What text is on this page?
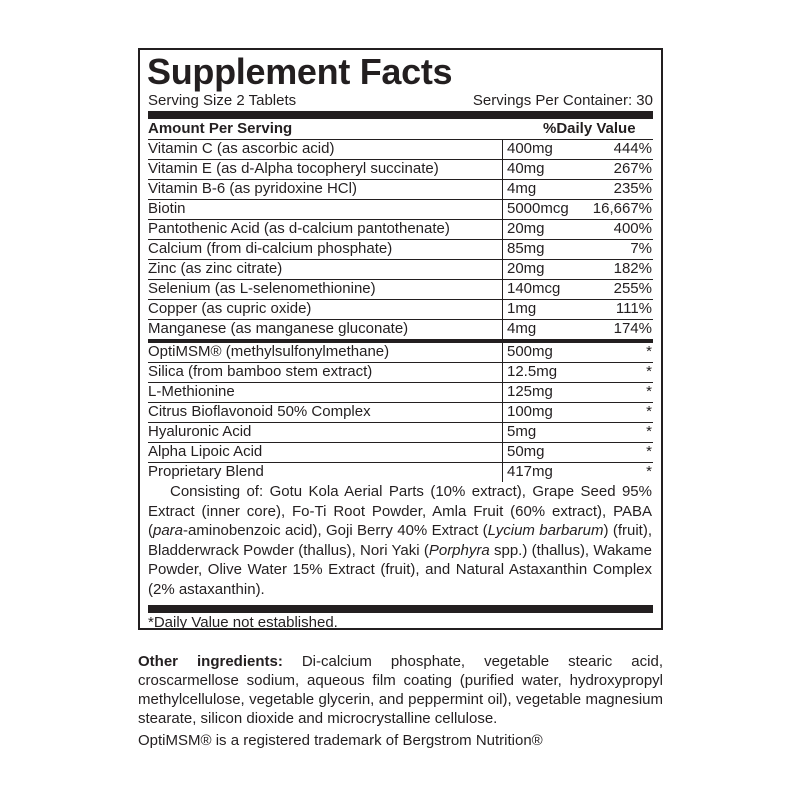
Supplement Facts
Serving Size 2 Tablets	Servings Per Container: 30
Amount Per Serving	%Daily Value
Vitamin C (as ascorbic acid)	400mg	444%
Vitamin E (as d-Alpha tocopheryl succinate)	40mg	267%
Vitamin B-6 (as pyridoxine HCl)	4mg	235%
Biotin	5000mcg	16,667%
Pantothenic Acid (as d-calcium pantothenate)	20mg	400%
Calcium (from di-calcium phosphate)	85mg	7%
Zinc (as zinc citrate)	20mg	182%
Selenium (as L-selenomethionine)	140mcg	255%
Copper (as cupric oxide)	1mg	111%
Manganese (as manganese gluconate)	4mg	174%
OptiMSM® (methylsulfonylmethane)	500mg	*
Silica (from bamboo stem extract)	12.5mg	*
L-Methionine	125mg	*
Citrus Bioflavonoid 50% Complex	100mg	*
Hyaluronic Acid	5mg	*
Alpha Lipoic Acid	50mg	*
Proprietary Blend	417mg	*
Consisting of: Gotu Kola Aerial Parts (10% extract), Grape Seed 95% Extract (inner core), Fo-Ti Root Powder, Amla Fruit (60% extract), PABA (para-aminobenzoic acid), Goji Berry 40% Extract (Lycium barbarum) (fruit), Bladderwrack Powder (thallus), Nori Yaki (Porphyra spp.) (thallus), Wakame Powder, Olive Water 15% Extract (fruit), and Natural Astaxanthin Complex (2% astaxanthin).
*Daily Value not established.
Other ingredients: Di-calcium phosphate, vegetable stearic acid, croscarmellose sodium, aqueous film coating (purified water, hydroxypropyl methylcellulose, vegetable glycerin, and peppermint oil), vegetable magnesium stearate, silicon dioxide and microcrystalline cellulose.
OptiMSM® is a registered trademark of Bergstrom Nutrition®
